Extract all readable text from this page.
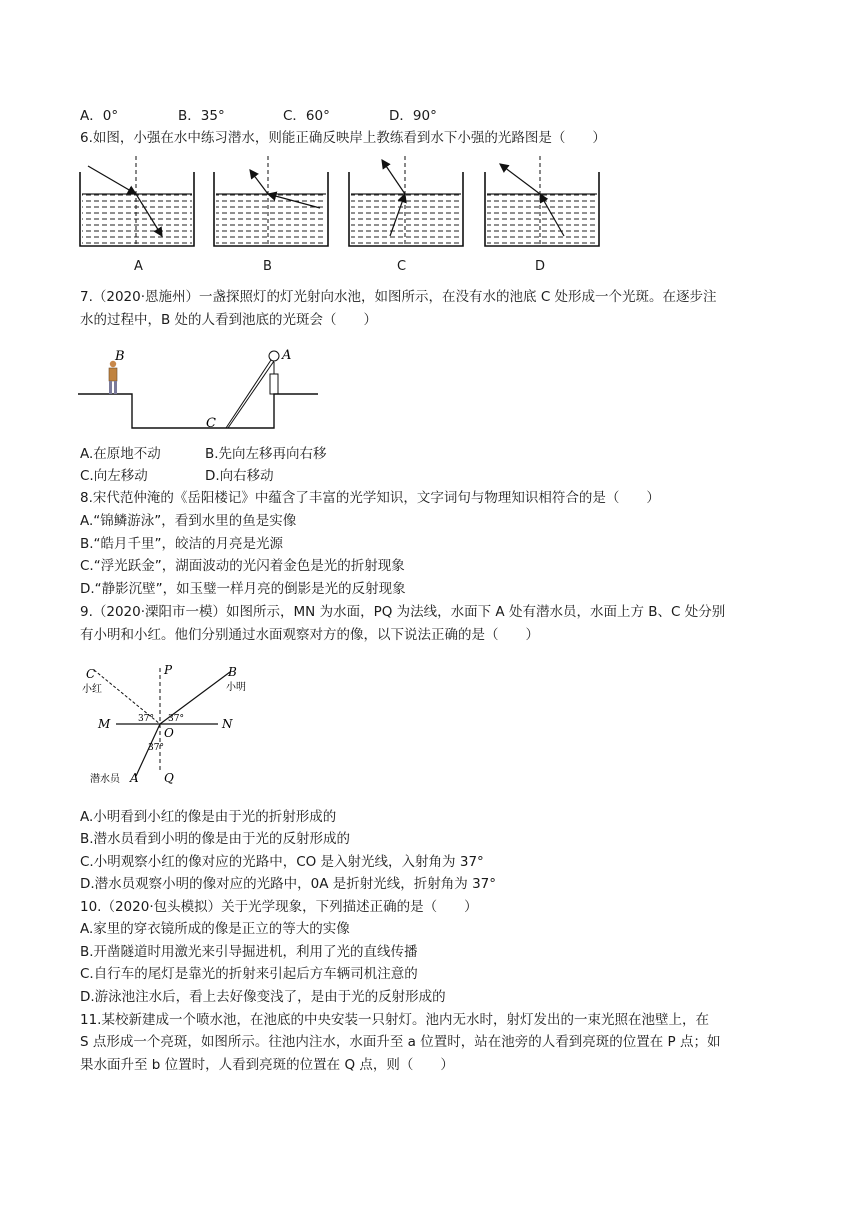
A．0°	B．35°	C．60°	D．90°
6.如图，小强在水中练习潜水，则能正确反映岸上教练看到水下小强的光路图是（　　）
A	B	C	D
7.（2020·恩施州）一盏探照灯的灯光射向水池，如图所示，在没有水的池底 C 处形成一个光斑。在逐步注
水的过程中，B 处的人看到池底的光斑会（　　）
B	A
C
A.在原地不动	B.先向左移再向右移
C.向左移动	D.向右移动
8.宋代范仲淹的《岳阳楼记》中蕴含了丰富的光学知识，文字词句与物理知识相符合的是（　　）
A.“锦鳞游泳”，看到水里的鱼是实像
B.“皓月千里”，皎洁的月亮是光源
C.“浮光跃金”，湖面波动的光闪着金色是光的折射现象
D.“静影沉壁”，如玉璧一样月亮的倒影是光的反射现象
9.（2020·溧阳市一模）如图所示，MN 为水面，PQ 为法线，水面下 A 处有潜水员，水面上方 B、C 处分别
有小明和小红。他们分别通过水面观察对方的像，以下说法正确的是（　　）
C
小红
P	B
小明
M	N
O
Q
A
潜水员
37° 37°
37°
A.小明看到小红的像是由于光的折射形成的
B.潜水员看到小明的像是由于光的反射形成的
C.小明观察小红的像对应的光路中，CO 是入射光线，入射角为 37°
D.潜水员观察小明的像对应的光路中，0A 是折射光线，折射角为 37°
10.（2020·包头模拟）关于光学现象，下列描述正确的是（　　）
A.家里的穿衣镜所成的像是正立的等大的实像
B.开凿隧道时用激光来引导掘进机，利用了光的直线传播
C.自行车的尾灯是靠光的折射来引起后方车辆司机注意的
D.游泳池注水后，看上去好像变浅了，是由于光的反射形成的
11.某校新建成一个喷水池，在池底的中央安装一只射灯。池内无水时，射灯发出的一束光照在池壁上，在
S 点形成一个亮斑，如图所示。往池内注水，水面升至 a 位置时，站在池旁的人看到亮斑的位置在 P 点；如
果水面升至 b 位置时，人看到亮斑的位置在 Q 点，则（　　）
